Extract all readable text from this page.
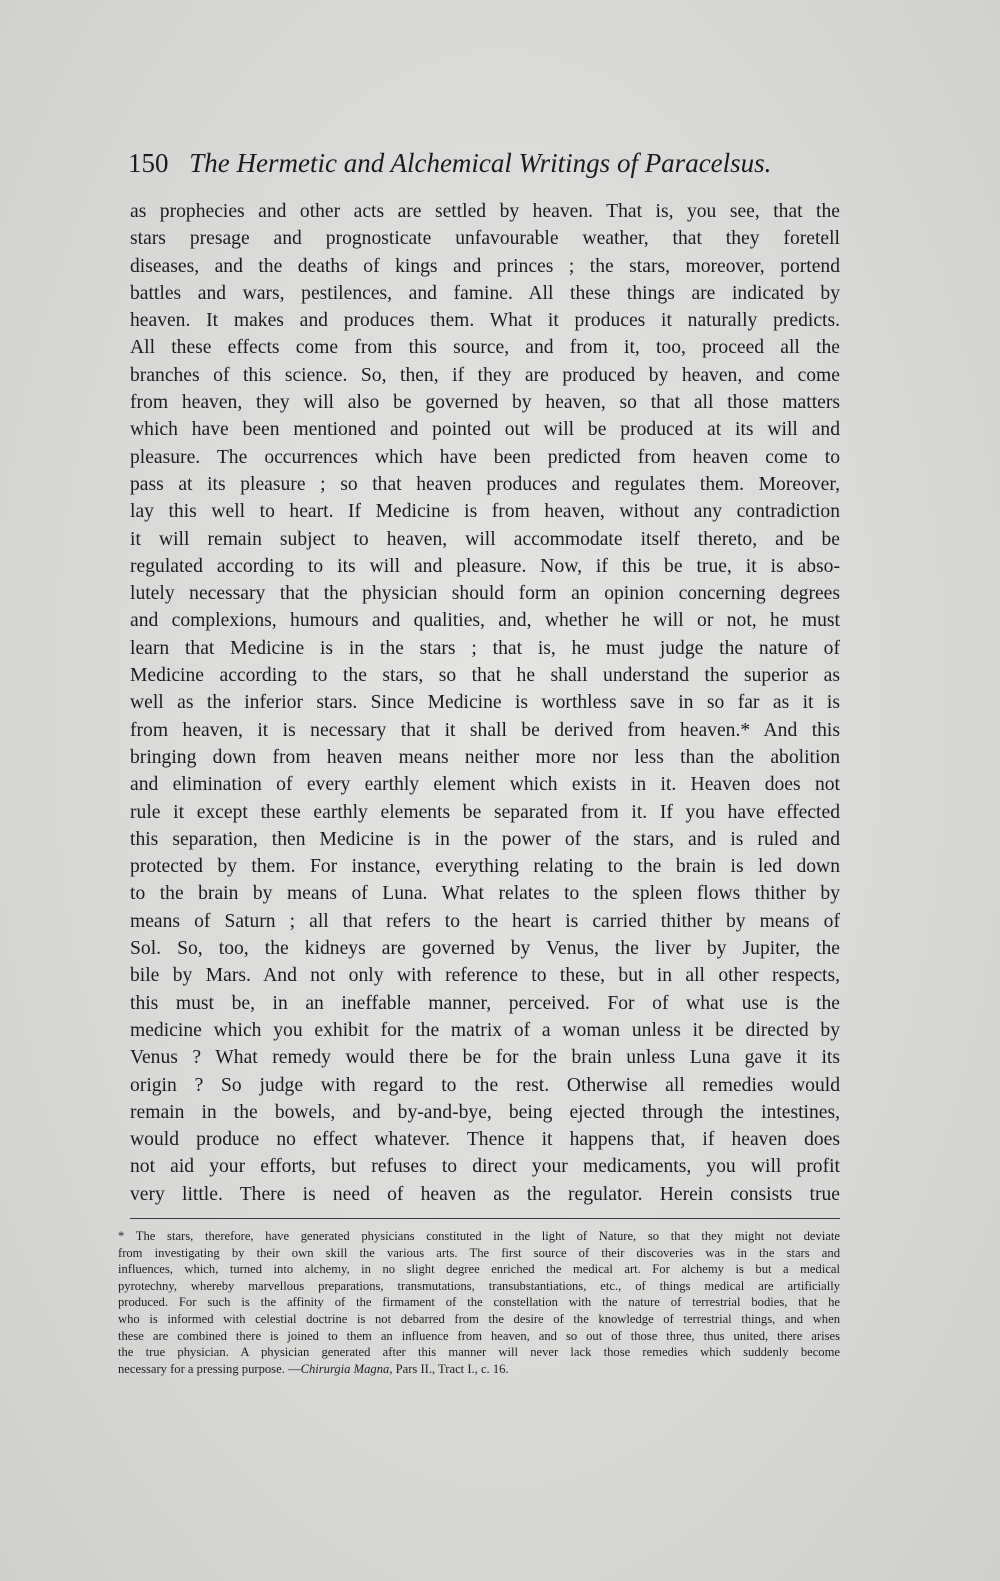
150 The Hermetic and Alchemical Writings of Paracelsus.
as prophecies and other acts are settled by heaven. That is, you see, that the
stars presage and prognosticate unfavourable weather, that they foretell
diseases, and the deaths of kings and princes ; the stars, moreover, portend
battles and wars, pestilences, and famine. All these things are indicated by
heaven. It makes and produces them. What it produces it naturally predicts.
All these effects come from this source, and from it, too, proceed all the
branches of this science. So, then, if they are produced by heaven, and come
from heaven, they will also be governed by heaven, so that all those matters
which have been mentioned and pointed out will be produced at its will and
pleasure. The occurrences which have been predicted from heaven come to
pass at its pleasure ; so that heaven produces and regulates them. Moreover,
lay this well to heart. If Medicine is from heaven, without any contradiction
it will remain subject to heaven, will accommodate itself thereto, and be
regulated according to its will and pleasure. Now, if this be true, it is abso-
lutely necessary that the physician should form an opinion concerning degrees
and complexions, humours and qualities, and, whether he will or not, he must
learn that Medicine is in the stars ; that is, he must judge the nature of
Medicine according to the stars, so that he shall understand the superior as
well as the inferior stars. Since Medicine is worthless save in so far as it is
from heaven, it is necessary that it shall be derived from heaven.* And this
bringing down from heaven means neither more nor less than the abolition
and elimination of every earthly element which exists in it. Heaven does not
rule it except these earthly elements be separated from it. If you have effected
this separation, then Medicine is in the power of the stars, and is ruled and
protected by them. For instance, everything relating to the brain is led down
to the brain by means of Luna. What relates to the spleen flows thither by
means of Saturn ; all that refers to the heart is carried thither by means of
Sol. So, too, the kidneys are governed by Venus, the liver by Jupiter, the
bile by Mars. And not only with reference to these, but in all other respects,
this must be, in an ineffable manner, perceived. For of what use is the
medicine which you exhibit for the matrix of a woman unless it be directed by
Venus ? What remedy would there be for the brain unless Luna gave it its
origin ? So judge with regard to the rest. Otherwise all remedies would
remain in the bowels, and by-and-bye, being ejected through the intestines,
would produce no effect whatever. Thence it happens that, if heaven does
not aid your efforts, but refuses to direct your medicaments, you will profit
very little. There is need of heaven as the regulator. Herein consists true
* The stars, therefore, have generated physicians constituted in the light of Nature, so that they might not deviate
from investigating by their own skill the various arts. The first source of their discoveries was in the stars and
influences, which, turned into alchemy, in no slight degree enriched the medical art. For alchemy is but a medical
pyrotechny, whereby marvellous preparations, transmutations, transubstantiations, etc., of things medical are artificially
produced. For such is the affinity of the firmament of the constellation with the nature of terrestrial bodies, that he
who is informed with celestial doctrine is not debarred from the desire of the knowledge of terrestrial things, and when
these are combined there is joined to them an influence from heaven, and so out of those three, thus united, there arises
the true physician. A physician generated after this manner will never lack those remedies which suddenly become
necessary for a pressing purpose. —Chirurgia Magna, Pars II., Tract I., c. 16.
